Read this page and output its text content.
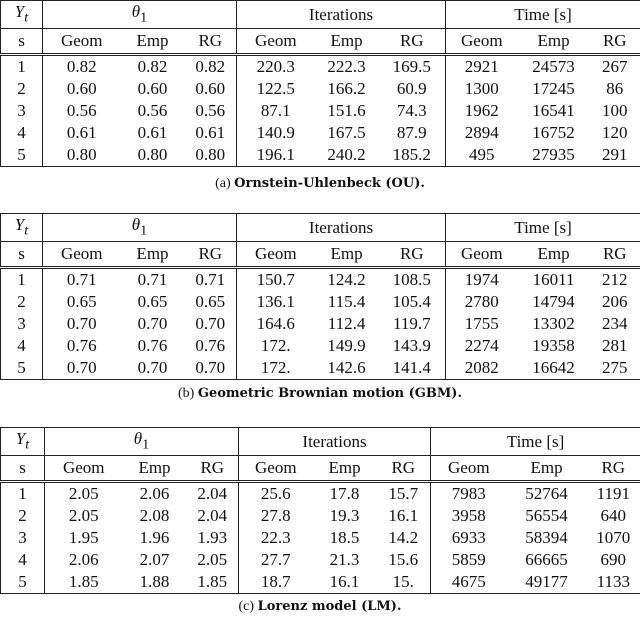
$Y_t$	$\theta_1$			Iterations			Time [s]		
s	Geom	Emp	RG	Geom	Emp	RG	Geom	Emp	RG
1	0.82	0.82	0.82	220.3	222.3	169.5	2921	24573	267
2	0.60	0.60	0.60	122.5	166.2	60.9	1300	17245	86
3	0.56	0.56	0.56	87.1	151.6	74.3	1962	16541	100
4	0.61	0.61	0.61	140.9	167.5	87.9	2894	16752	120
5	0.80	0.80	0.80	196.1	240.2	185.2	495	27935	291
(a) Ornstein-Uhlenbeck (OU).
$Y_t$	$\theta_1$			Iterations			Time [s]		
s	Geom	Emp	RG	Geom	Emp	RG	Geom	Emp	RG
1	0.71	0.71	0.71	150.7	124.2	108.5	1974	16011	212
2	0.65	0.65	0.65	136.1	115.4	105.4	2780	14794	206
3	0.70	0.70	0.70	164.6	112.4	119.7	1755	13302	234
4	0.76	0.76	0.76	172.	149.9	143.9	2274	19358	281
5	0.70	0.70	0.70	172.	142.6	141.4	2082	16642	275
(b) Geometric Brownian motion (GBM).
$Y_t$	$\theta_1$			Iterations			Time [s]		
s	Geom	Emp	RG	Geom	Emp	RG	Geom	Emp	RG
1	2.05	2.06	2.04	25.6	17.8	15.7	7983	52764	1191
2	2.05	2.08	2.04	27.8	19.3	16.1	3958	56554	640
3	1.95	1.96	1.93	22.3	18.5	14.2	6933	58394	1070
4	2.06	2.07	2.05	27.7	21.3	15.6	5859	66665	690
5	1.85	1.88	1.85	18.7	16.1	15.	4675	49177	1133
(c) Lorenz model (LM).
